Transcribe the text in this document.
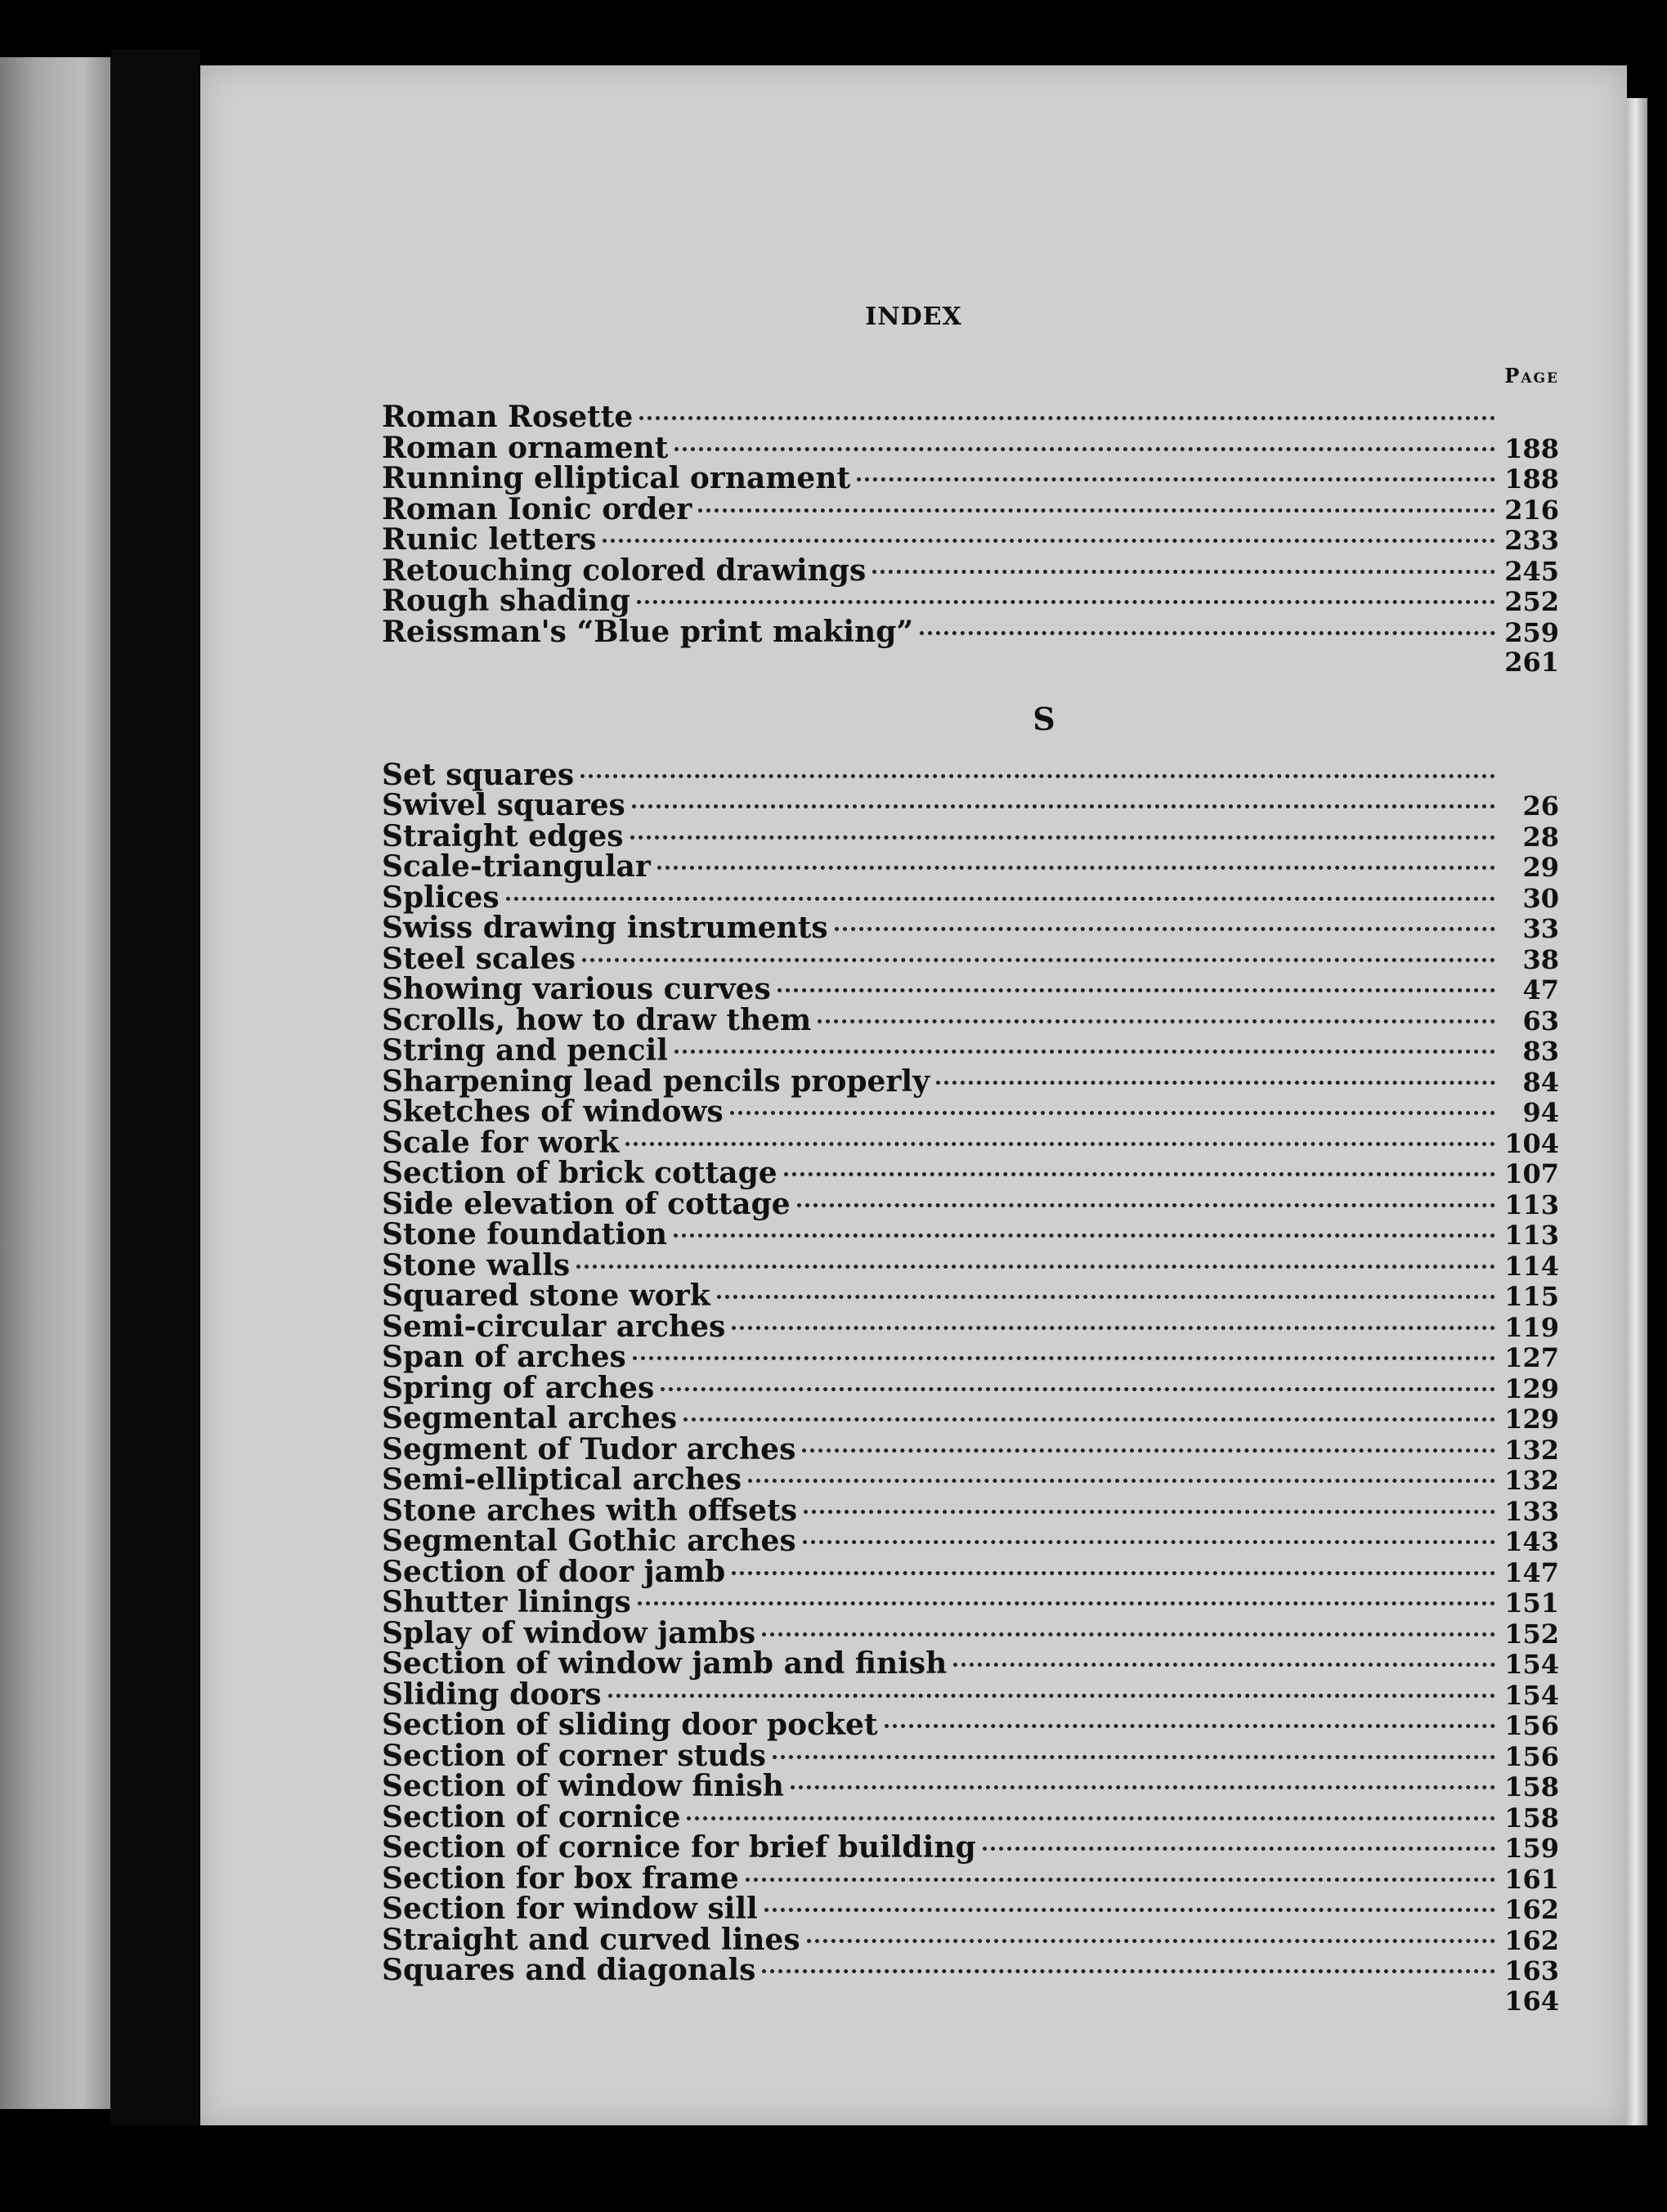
INDEX
Page
Roman Rosette
Roman ornament	188
Running elliptical ornament	188
Roman Ionic order	216
Runic letters	233
Retouching colored drawings	245
Rough shading	252
Reissman's “Blue print making”	259
261
S
Set squares
Swivel squares	26
Straight edges	28
Scale-triangular	29
Splices	30
Swiss drawing instruments	33
Steel scales	38
Showing various curves	47
Scrolls, how to draw them	63
String and pencil	83
Sharpening lead pencils properly	84
Sketches of windows	94
Scale for work	104
Section of brick cottage	107
Side elevation of cottage	113
Stone foundation	113
Stone walls	114
Squared stone work	115
Semi-circular arches	119
Span of arches	127
Spring of arches	129
Segmental arches	129
Segment of Tudor arches	132
Semi-elliptical arches	132
Stone arches with offsets	133
Segmental Gothic arches	143
Section of door jamb	147
Shutter linings	151
Splay of window jambs	152
Section of window jamb and finish	154
Sliding doors	154
Section of sliding door pocket	156
Section of corner studs	156
Section of window finish	158
Section of cornice	158
Section of cornice for brief building	159
Section for box frame	161
Section for window sill	162
Straight and curved lines	162
Squares and diagonals	163
164
